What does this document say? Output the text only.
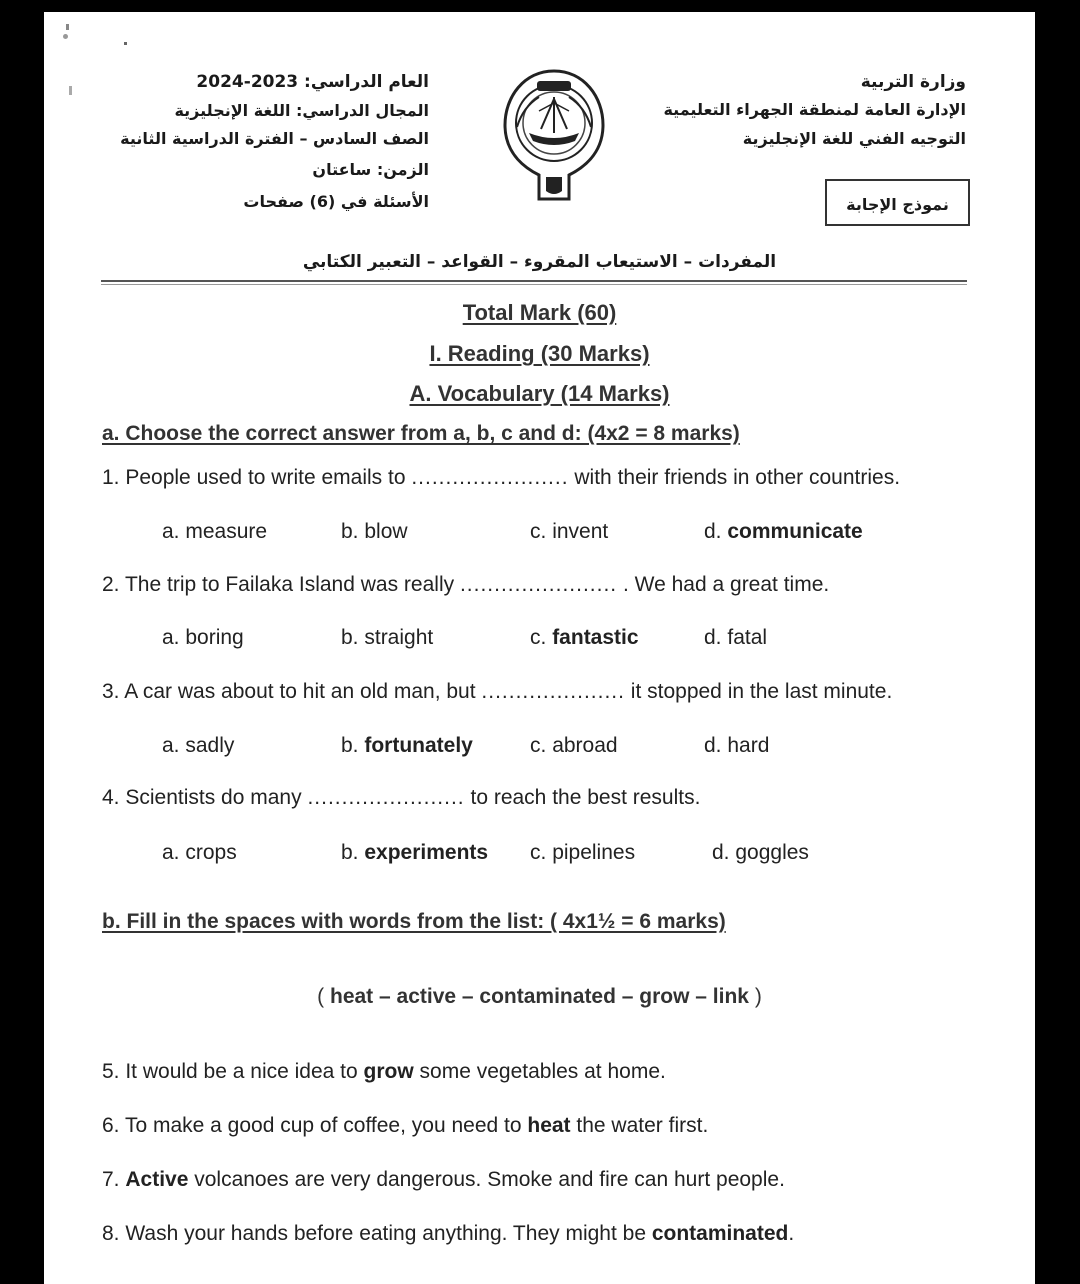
وزارة التربية
الإدارة العامة لمنطقة الجهراء التعليمية
التوجيه الفني للغة الإنجليزية
نموذج الإجابة
العام الدراسي: 2023-2024
المجال الدراسي: اللغة الإنجليزية
الصف السادس – الفترة الدراسية الثانية
الزمن: ساعتان
الأسئلة في (6) صفحات
المفردات – الاستيعاب المقروء – القواعد – التعبير الكتابي
Total Mark (60)
I. Reading (30 Marks)
A. Vocabulary (14 Marks)
a. Choose the correct answer from a, b, c and d: (4x2 = 8 marks)
1. People used to write emails to ....................... with their friends in other countries.
a. measure	b. blow	c. invent	d. communicate
2. The trip to Failaka Island was really ....................... . We had a great time.
a. boring	b. straight	c. fantastic	d. fatal
3. A car was about to hit an old man, but ..................... it stopped in the last minute.
a. sadly	b. fortunately	c. abroad	d. hard
4. Scientists do many ....................... to reach the best results.
a. crops	b. experiments c. pipelines	d. goggles
b. Fill in the spaces with words from the list: ( 4x1½ = 6 marks)
( heat – active – contaminated – grow – link )
5. It would be a nice idea to grow some vegetables at home.
6. To make a good cup of coffee, you need to heat the water first.
7. Active volcanoes are very dangerous. Smoke and fire can hurt people.
8. Wash your hands before eating anything. They might be contaminated.
